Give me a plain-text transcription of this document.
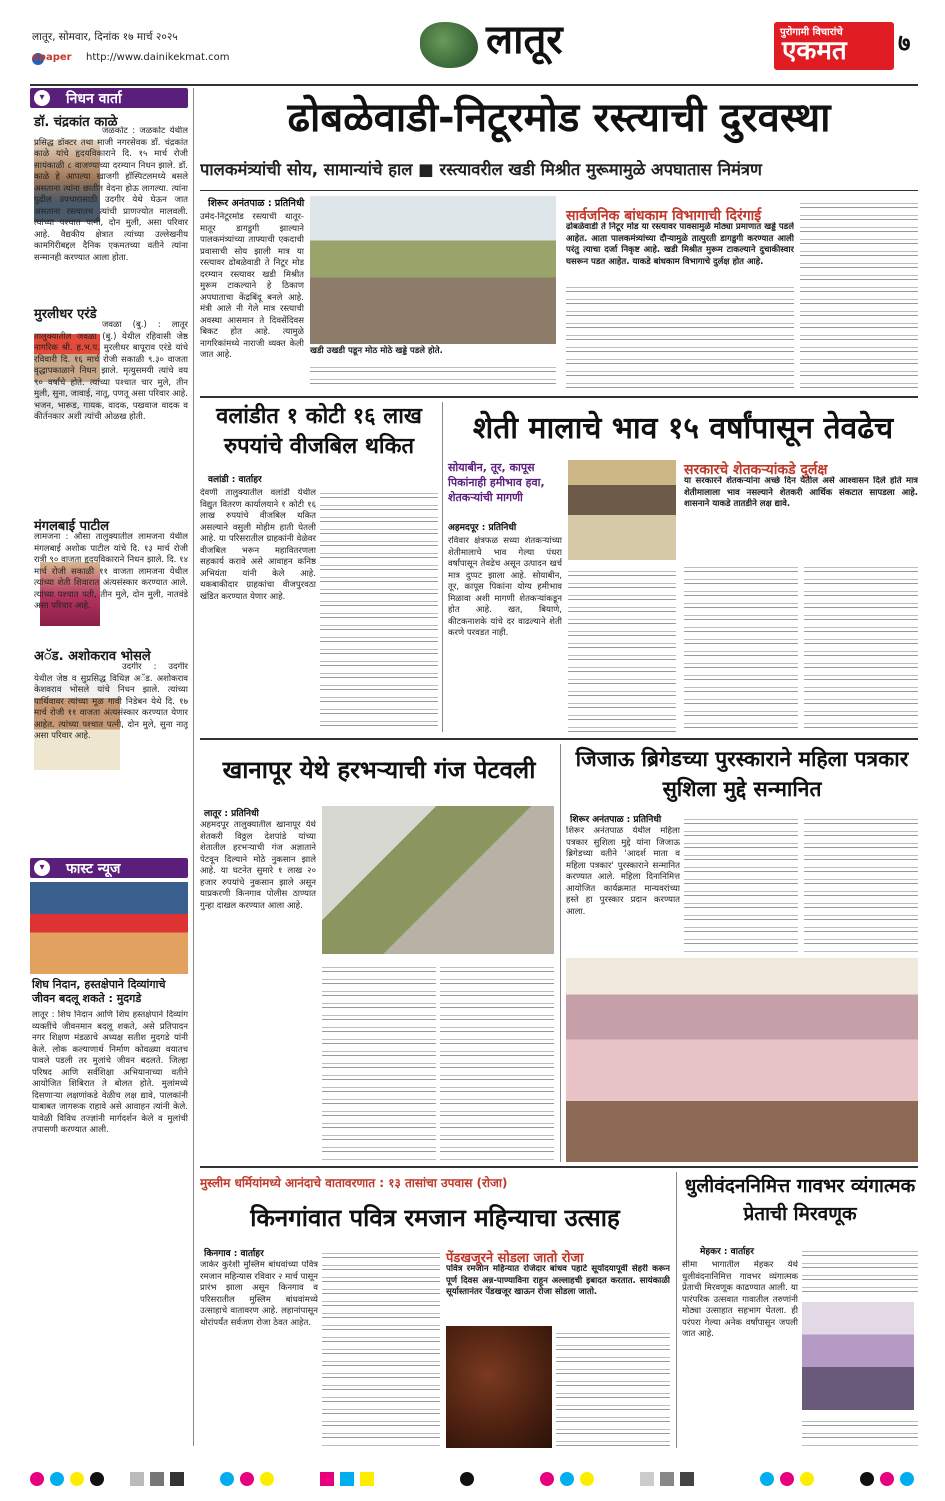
लातूर, सोमवार, दिनांक १७ मार्च २०२५
epaper http://www.dainikekmat.com	लातूर	पुरोगामी विचारांचे
एकमत ७
▾	निधन वार्ता
डॉ. चंद्रकांत काळे
जळकोट : जळकोट येथील प्रसिद्ध डॉक्टर तथा माजी नगरसेवक डॉ. चंद्रकांत काळे यांचे हृदयविकाराने दि. १५ मार्च रोजी सायंकाळी ८ वाजण्याच्या दरम्यान निधन झाले. डॉ. काळे हे आपल्या खाजगी हॉस्पिटलमध्ये बसले असताना त्यांना छातीत वेदना होऊ लागल्या. त्यांना पुढील उपचारासाठी उदगीर येथे घेऊन जात असताना रस्त्यातच त्यांची प्राणज्योत मालवली. त्यांच्या पश्चात पत्नी, दोन मुली, असा परिवार आहे. वैद्यकीय क्षेत्रात त्यांच्या उल्लेखनीय कामगिरीबद्दल दैनिक एकमतच्या वतीने त्यांना सन्मानही करण्यात आला होता.
मुरलीधर एरंडे
जवळा (बु.) : लातूर तालुक्यातील जवळा (बु.) येथील रहिवासी जेष्ठ नागरिक श्री. ह.भ.प. मुरलीधर बापूराव एरंडे यांचे रविवारी दि. १६ मार्च रोजी सकाळी ९.३० वाजता वृद्धापकाळाने निधन झाले. मृत्युसमयी त्यांचे वय ९० वर्षांचे होते. त्यांच्या पश्चात चार मुले, तीन मुली, सुना, जावाई, नातू, पणतू असा परिवार आहे. भजन, भारूड, गायक, वादक, पखवाज वादक व कीर्तनकार अशी त्यांची ओळख होती.
मंगलबाई पाटील
लामजना : औसा तालुक्यातील लामजना येथील मंगलबाई अशोक पाटील यांचे दि. १३ मार्च रोजी रात्री ९० वाजता हृदयविकाराने निधन झाले. दि. १४ मार्च रोजी सकाळी ११ वाजता लामजना येथील त्यांच्या शेती शिवारात अंत्यसंस्कार करण्यात आले. त्यांच्या पश्चात पती, तीन मुले, दोन मुली, नातवंडे असा परिवार आहे.
अॅड. अशोकराव भोसले
उदगीर : उदगीर येथील जेष्ठ व सुप्रसिद्ध विधिज्ञ अॅड. अशोकराव केशवराव भोसले यांचे निधन झाले. त्यांच्या पार्थिवावर त्यांच्या मूळ गावी निडेबन येथे दि. १७ मार्च रोजी ११ वाजता अंत्यसंस्कार करण्यात येणार आहेत. त्यांच्या पश्चात पत्नी, दोन मुले, सुना नातू असा परिवार आहे.
▾	फास्ट न्यूज
शिघ निदान, हस्तक्षेपाने दिव्यांगाचे जीवन बदलू शकते : मुदगडे
लातूर : शिघ निदान आणि शिघ हस्तक्षेपाने दिव्यांग व्यक्तींचे जीवनमान बदलू शकते, असे प्रतिपादन नगर शिक्षण मंडळाचे अध्यक्ष सतीश मुदगडे यांनी केले. लोक कल्याणार्थ निर्माण कोवळ्या वयातच पावले पडली तर मुलांचे जीवन बदलते. जिल्हा परिषद आणि सर्वशिक्षा अभियानाच्या वतीने आयोजित शिबिरात ते बोलत होते. मुलांमध्ये दिसणाऱ्या लक्षणांकडे वेळीच लक्ष द्यावे, पालकांनी याबाबत जागरूक राहावे असे आवाहन त्यांनी केले. यावेळी विविध तज्ज्ञांनी मार्गदर्शन केले व मुलांची तपासणी करण्यात आली.
ढोबळेवाडी-निटूरमोड रस्त्याची दुरवस्था
पालकमंत्र्यांची सोय, सामान्यांचे हाल ■ रस्त्यावरील खडी मिश्रीत मुरूमामुळे अपघातास निमंत्रण
शिरूर अनंतपाळ : प्रतिनिधी
उमेद-निटूरमोड रस्त्याची थातूर-मातूर डागडुगी झाल्याने पालकमंत्र्यांच्या ताफ्याची एकदाची प्रवासाची सोय झाली मात्र या रस्त्यावर ढोबळेवाडी ते निटूर मोड दरम्यान रस्त्यावर खडी मिश्रीत मुरूम टाकल्याने हे ठिकाण अपघाताचा केंद्रबिंदू बनले आहे. मंत्री आले नी गेले मात्र रस्त्याची अवस्था आसमान ते दिवसेंदिवस बिकट होत आहे. त्यामुळे नागरिकांमध्ये नाराजी व्यक्त केली जात आहे.	खडी उखडी पडून मोठ मोठे खड्डे पडले होते.
सार्वजनिक बांधकाम विभागाची दिरंगाई
ढोबळेवाडी ते निटूर मोड या रस्त्यावर पावसामुळे मोठ्या प्रमाणात खड्डे पडले आहेत. आता पालकमंत्र्यांच्या दौऱ्यामुळे तात्पुरती डागडुगी करण्यात आली परंतु त्याचा दर्जा निकृष्ट आहे. खडी मिश्रीत मुरूम टाकल्याने दुचाकीस्वार घसरून पडत आहेत. याकडे बांधकाम विभागाचे दुर्लक्ष होत आहे.
वलांडीत १ कोटी १६ लाख रुपयांचे वीजबिल थकित
वलांडी : वार्ताहर
देवणी तालुक्यातील वलांडी येथील विद्युत वितरण कार्यालयाने १ कोटी १६ लाख रुपयांचे वीजबिल थकित असल्याने वसुली मोहीम हाती घेतली आहे. या परिसरातील ग्राहकांनी वेळेवर वीजबिल भरून महावितरणला सहकार्य करावे असे आवाहन कनिष्ठ अभियंता यांनी केले आहे. थकबाकीदार ग्राहकांचा वीजपुरवठा खंडित करण्यात येणार आहे.
शेती मालाचे भाव १५ वर्षांपासून तेवढेच
सोयाबीन, तूर, कापूस पिकांनाही हमीभाव हवा, शेतकऱ्यांची मागणी
अहमदपूर : प्रतिनिधी
रविवार क्षेत्रफळ सध्या शेतकऱ्यांच्या शेतीमालाचे भाव गेल्या पंधरा वर्षांपासून तेवढेच असून उत्पादन खर्च मात्र दुप्पट झाला आहे. सोयाबीन, तूर, कापूस पिकांना योग्य हमीभाव मिळावा अशी मागणी शेतकऱ्यांकडून होत आहे. खत, बियाणे, कीटकनाशके यांचे दर वाढल्याने शेती करणे परवडत नाही.
सरकारचे शेतकऱ्यांकडे दुर्लक्ष
या सरकारने शेतकऱ्यांना अच्छे दिन येतील असे आश्वासन दिले होते मात्र शेतीमालाला भाव नसल्याने शेतकरी आर्थिक संकटात सापडला आहे. शासनाने याकडे तातडीने लक्ष द्यावे.
खानापूर येथे हरभऱ्याची गंज पेटवली
लातूर : प्रतिनिधी
अहमदपूर तालुक्यातील खानापूर येथे शेतकरी विठ्ठल देशपांडे यांच्या शेतातील हरभऱ्याची गंज अज्ञाताने पेटवून दिल्याने मोठे नुकसान झाले आहे. या घटनेत सुमारे १ लाख २० हजार रुपयांचे नुकसान झाले असून याप्रकरणी किनगाव पोलीस ठाण्यात गुन्हा दाखल करण्यात आला आहे.
जिजाऊ ब्रिगेडच्या पुरस्काराने महिला पत्रकार सुशिला मुद्दे सन्मानित
शिरूर अनंतपाळ : प्रतिनिधी
शिरूर अनंतपाळ येथील महिला पत्रकार सुशिला मुद्दे यांना जिजाऊ ब्रिगेडच्या वतीने 'आदर्श माता व महिला पत्रकार' पुरस्काराने सन्मानित करण्यात आले. महिला दिनानिमित्त आयोजित कार्यक्रमात मान्यवरांच्या हस्ते हा पुरस्कार प्रदान करण्यात आला.
मुस्लीम धर्मियांमध्ये आनंदाचे वातावरणात : १३ तासांचा उपवास (रोजा)
किनगांवात पवित्र रमजान महिन्याचा उत्साह
किनगाव : वार्ताहर
जाकेर कुरेशी मुस्लिम बांधवांच्या पवित्र रमजान महिन्यास रविवार २ मार्च पासून प्रारंभ झाला असून किनगाव व परिसरातील मुस्लिम बांधवांमध्ये उत्साहाचे वातावरण आहे. लहानांपासून थोरांपर्यंत सर्वजण रोजा ठेवत आहेत.
पेंडखजूरने सोडला जातो रोजा
पवित्र रमजान महिन्यात रोजेदार बांधव पहाटे सूर्योदयापूर्वी सेहरी करून पूर्ण दिवस अन्न-पाण्याविना राहून अल्लाहची इबादत करतात. सायंकाळी सूर्यास्तानंतर पेंडखजूर खाऊन रोजा सोडला जातो.
धुलीवंदननिमित्त गावभर व्यंगात्मक प्रेताची मिरवणूक
मेहकर : वार्ताहर
सीमा भागातील मेहकर येथे धुलीवंदनानिमित्त गावभर व्यंगात्मक प्रेताची मिरवणूक काढण्यात आली. या पारंपरिक उत्सवात गावातील तरुणांनी मोठ्या उत्साहात सहभाग घेतला. ही परंपरा गेल्या अनेक वर्षांपासून जपली जात आहे.
